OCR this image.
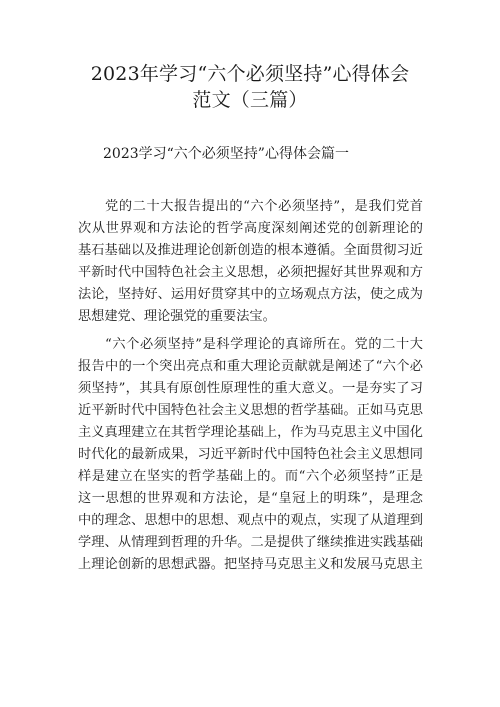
2023年学习“六个必须坚持”心得体会
范文（三篇）
2023学习“六个必须坚持”心得体会篇一
党的二十大报告提出的“六个必须坚持”，是我们党首
次从世界观和方法论的哲学高度深刻阐述党的创新理论的
基石基础以及推进理论创新创造的根本遵循。全面贯彻习近
平新时代中国特色社会主义思想，必须把握好其世界观和方
法论，坚持好、运用好贯穿其中的立场观点方法，使之成为
思想建党、理论强党的重要法宝。
“六个必须坚持”是科学理论的真谛所在。党的二十大
报告中的一个突出亮点和重大理论贡献就是阐述了“六个必
须坚持”，其具有原创性原理性的重大意义。一是夯实了习
近平新时代中国特色社会主义思想的哲学基础。正如马克思
主义真理建立在其哲学理论基础上，作为马克思主义中国化
时代化的最新成果，习近平新时代中国特色社会主义思想同
样是建立在坚实的哲学基础上的。而“六个必须坚持”正是
这一思想的世界观和方法论，是“皇冠上的明珠”，是理念
中的理念、思想中的思想、观点中的观点，实现了从道理到
学理、从情理到哲理的升华。二是提供了继续推进实践基础
上理论创新的思想武器。把坚持马克思主义和发展马克思主
